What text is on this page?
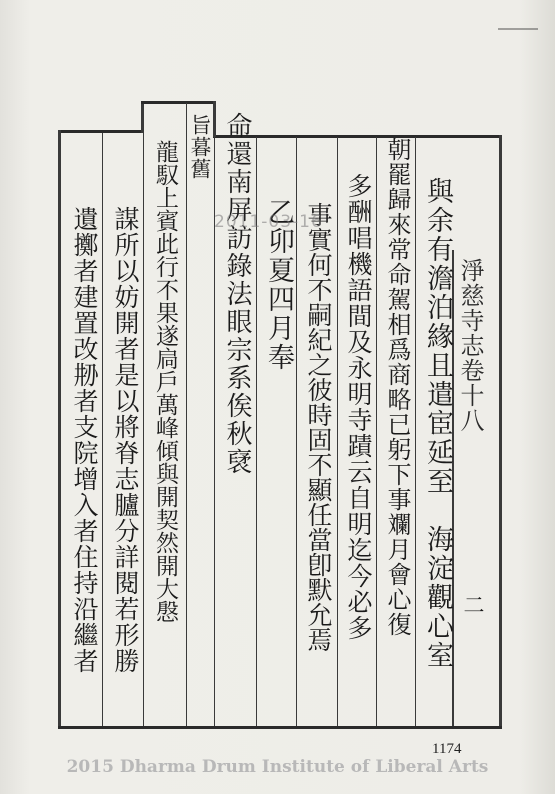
淨慈寺志卷十八
二
與余有澹泊緣且遣宦延至　海淀觀心室
朝罷歸來常命駕相爲商略已躬下事斕月會心復
多酬唱機語間及永明寺蹟云自明迄今必多
事實何不嗣紀之彼時固不顯任當卽默允焉
乙卯夏四月奉
命還南屏訪錄法眼宗系俟秋裦
旨暮舊
龍馭上賓此行不果遂扃戶萬峰傾與開契然開大慇
謀所以妨開者是以將脊志臚分詳閱若形勝
遺擲者建置改刱者支院增入者住持沿繼者	2011-03-16
1174
2015 Dharma Drum Institute of Liberal Arts
